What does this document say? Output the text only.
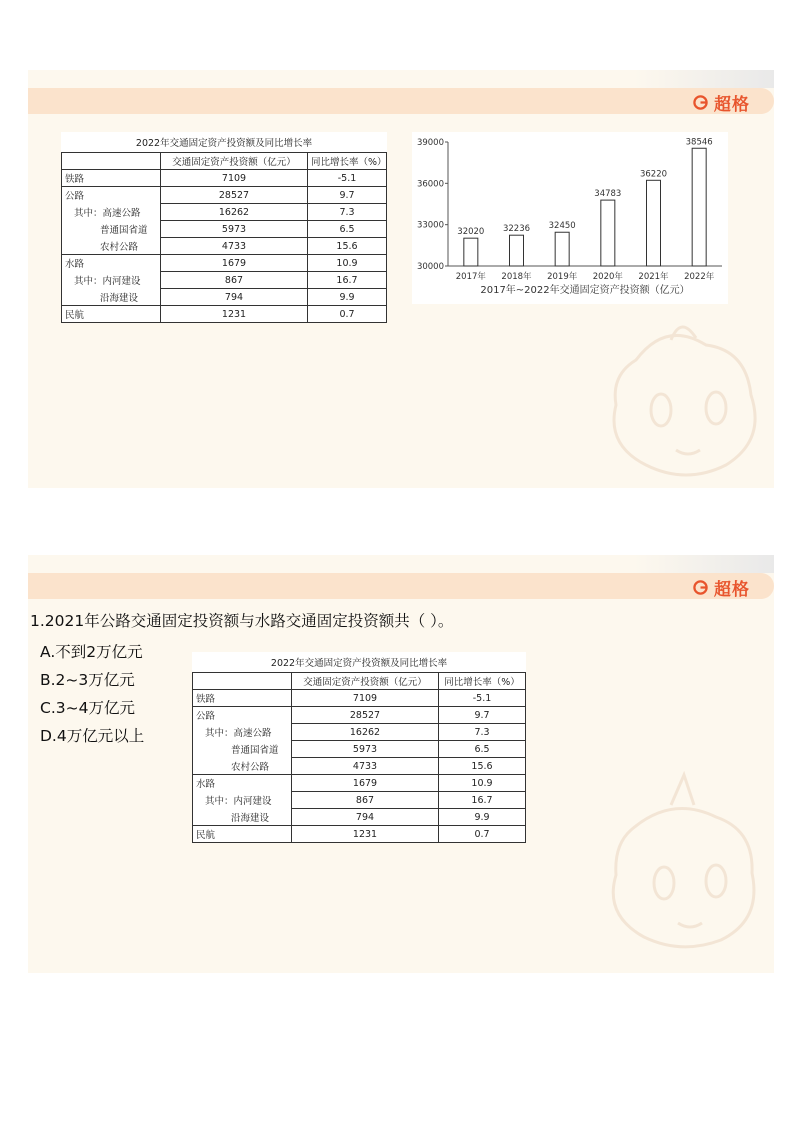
超格
2022年交通固定资产投资额及同比增长率
	交通固定资产投资额（亿元）	同比增长率（%）
铁路	7109	-5.1
公路	28527	9.7
其中：高速公路	16262	7.3
普通国省道	5973	6.5
农村公路	4733	15.6
水路	1679	10.9
其中：内河建设	867	16.7
沿海建设	794	9.9
民航	1231	0.7
30000
33000
36000
39000
32020
2017年
32236
2018年
32450
2019年
34783
2020年
36220
2021年
38546
2022年
2017年~2022年交通固定资产投资额（亿元）
超格
1.2021年公路交通固定投资额与水路交通固定投资额共（ ）。
A.不到2万亿元
B.2~3万亿元
C.3~4万亿元
D.4万亿元以上
2022年交通固定资产投资额及同比增长率
	交通固定资产投资额（亿元）	同比增长率（%）
铁路	7109	-5.1
公路	28527	9.7
其中：高速公路	16262	7.3
普通国省道	5973	6.5
农村公路	4733	15.6
水路	1679	10.9
其中：内河建设	867	16.7
沿海建设	794	9.9
民航	1231	0.7
